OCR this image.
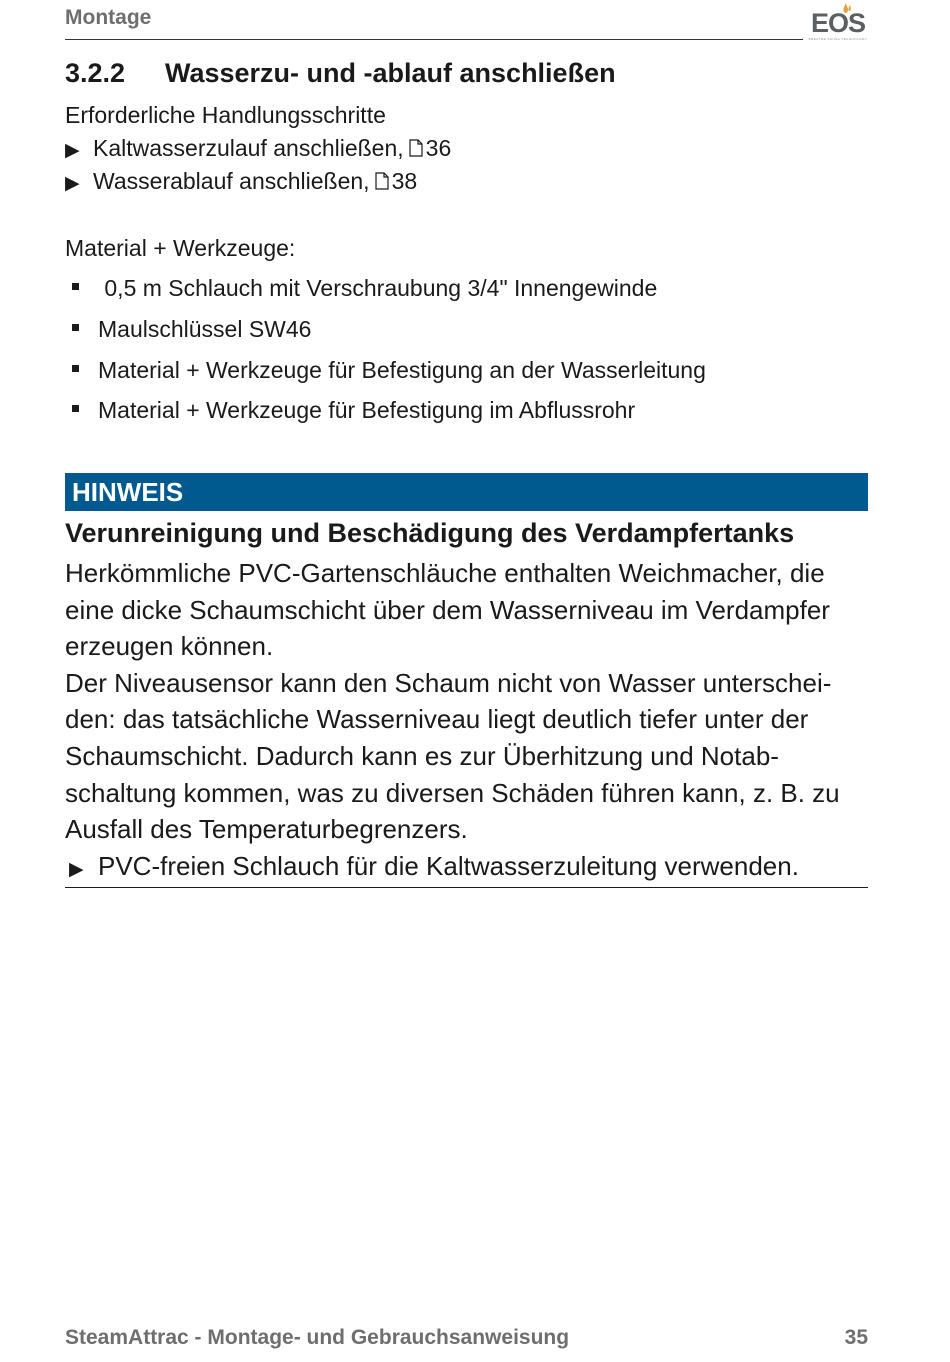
Montage	EOS
BREATHE SAUNA TECHNOLOGY
3.2.2 Wasserzu- und -ablauf anschließen
Erforderliche Handlungsschritte
▶ Kaltwasserzulauf anschließen, 36
▶ Wasserablauf anschließen, 38
Material + Werkzeuge:
0,5 m Schlauch mit Verschraubung 3/4" Innengewinde
Maulschlüssel SW46
Material + Werkzeuge für Befestigung an der Wasserleitung
Material + Werkzeuge für Befestigung im Abflussrohr
HINWEIS
Verunreinigung und Beschädigung des Verdampfertanks

Herkömmliche PVC-Gartenschläuche enthalten Weichmacher, die
eine dicke Schaumschicht über dem Wasserniveau im Verdampfer
erzeugen können.

Der Niveausensor kann den Schaum nicht von Wasser unterschei-
den: das tatsächliche Wasserniveau liegt deutlich tiefer unter der
Schaumschicht. Dadurch kann es zur Überhitzung und Notab-
schaltung kommen, was zu diversen Schäden führen kann, z. B. zu
Ausfall des Temperaturbegrenzers.

▶ PVC-freien Schlauch für die Kaltwasserzuleitung verwenden.

SteamAttrac - Montage- und Gebrauchsanweisung	35
